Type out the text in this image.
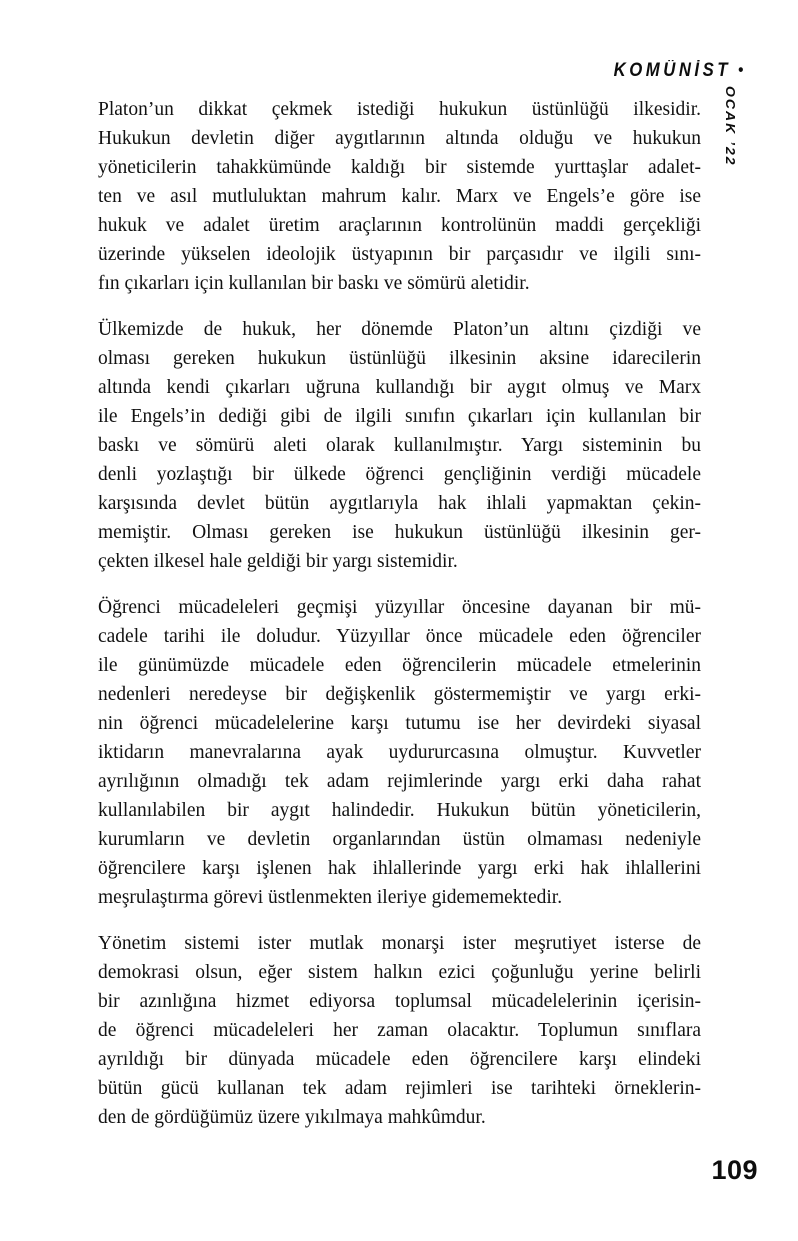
KOMÜNİST •
OCAK ’22

Platon’un dikkat çekmek istediği hukukun üstünlüğü ilkesidir.
Hukukun devletin diğer aygıtlarının altında olduğu ve hukukun
yöneticilerin tahakkümünde kaldığı bir sistemde yurttaşlar adalet-
ten ve asıl mutluluktan mahrum kalır. Marx ve Engels’e göre ise
hukuk ve adalet üretim araçlarının kontrolünün maddi gerçekliği
üzerinde yükselen ideolojik üstyapının bir parçasıdır ve ilgili sını-
fın çıkarları için kullanılan bir baskı ve sömürü aletidir.

Ülkemizde de hukuk, her dönemde Platon’un altını çizdiği ve
olması gereken hukukun üstünlüğü ilkesinin aksine idarecilerin
altında kendi çıkarları uğruna kullandığı bir aygıt olmuş ve Marx
ile Engels’in dediği gibi de ilgili sınıfın çıkarları için kullanılan bir
baskı ve sömürü aleti olarak kullanılmıştır. Yargı sisteminin bu
denli yozlaştığı bir ülkede öğrenci gençliğinin verdiği mücadele
karşısında devlet bütün aygıtlarıyla hak ihlali yapmaktan çekin-
memiştir. Olması gereken ise hukukun üstünlüğü ilkesinin ger-
çekten ilkesel hale geldiği bir yargı sistemidir.

Öğrenci mücadeleleri geçmişi yüzyıllar öncesine dayanan bir mü-
cadele tarihi ile doludur. Yüzyıllar önce mücadele eden öğrenciler
ile günümüzde mücadele eden öğrencilerin mücadele etmelerinin
nedenleri neredeyse bir değişkenlik göstermemiştir ve yargı erki-
nin öğrenci mücadelelerine karşı tutumu ise her devirdeki siyasal
iktidarın manevralarına ayak uydururcasına olmuştur. Kuvvetler
ayrılığının olmadığı tek adam rejimlerinde yargı erki daha rahat
kullanılabilen bir aygıt halindedir. Hukukun bütün yöneticilerin,
kurumların ve devletin organlarından üstün olmaması nedeniyle
öğrencilere karşı işlenen hak ihlallerinde yargı erki hak ihlallerini
meşrulaştırma görevi üstlenmekten ileriye gidememektedir.

Yönetim sistemi ister mutlak monarşi ister meşrutiyet isterse de
demokrasi olsun, eğer sistem halkın ezici çoğunluğu yerine belirli
bir azınlığına hizmet ediyorsa toplumsal mücadelelerinin içerisin-
de öğrenci mücadeleleri her zaman olacaktır. Toplumun sınıflara
ayrıldığı bir dünyada mücadele eden öğrencilere karşı elindeki
bütün gücü kullanan tek adam rejimleri ise tarihteki örneklerin-
den de gördüğümüz üzere yıkılmaya mahkûmdur.

109
